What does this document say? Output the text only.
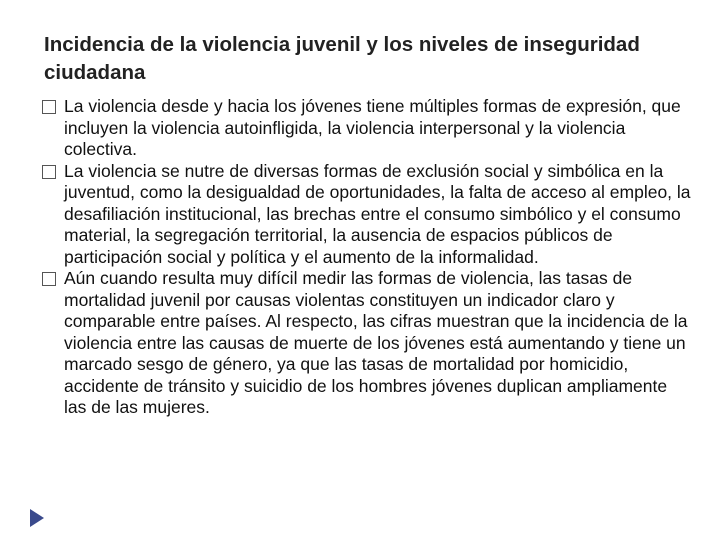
Incidencia de la violencia juvenil y los niveles de inseguridad ciudadana
La violencia desde y hacia los jóvenes tiene múltiples formas de expresión, que incluyen la violencia autoinfligida, la violencia interpersonal y la violencia colectiva.
La violencia se nutre de diversas formas de exclusión social y simbólica en la juventud, como la desigualdad de oportunidades, la falta de acceso al empleo, la desafiliación institucional, las brechas entre el consumo simbólico y el consumo material, la segregación territorial, la ausencia de espacios públicos de participación social y política y el aumento de la informalidad.
Aún cuando resulta muy difícil medir las formas de violencia, las tasas de mortalidad juvenil por causas violentas constituyen un indicador claro y comparable entre países. Al respecto, las cifras muestran que la incidencia de la violencia entre las causas de muerte de los jóvenes está aumentando y tiene un marcado sesgo de género, ya que las tasas de mortalidad por homicidio, accidente de tránsito y suicidio de los hombres jóvenes duplican ampliamente las de las mujeres.
